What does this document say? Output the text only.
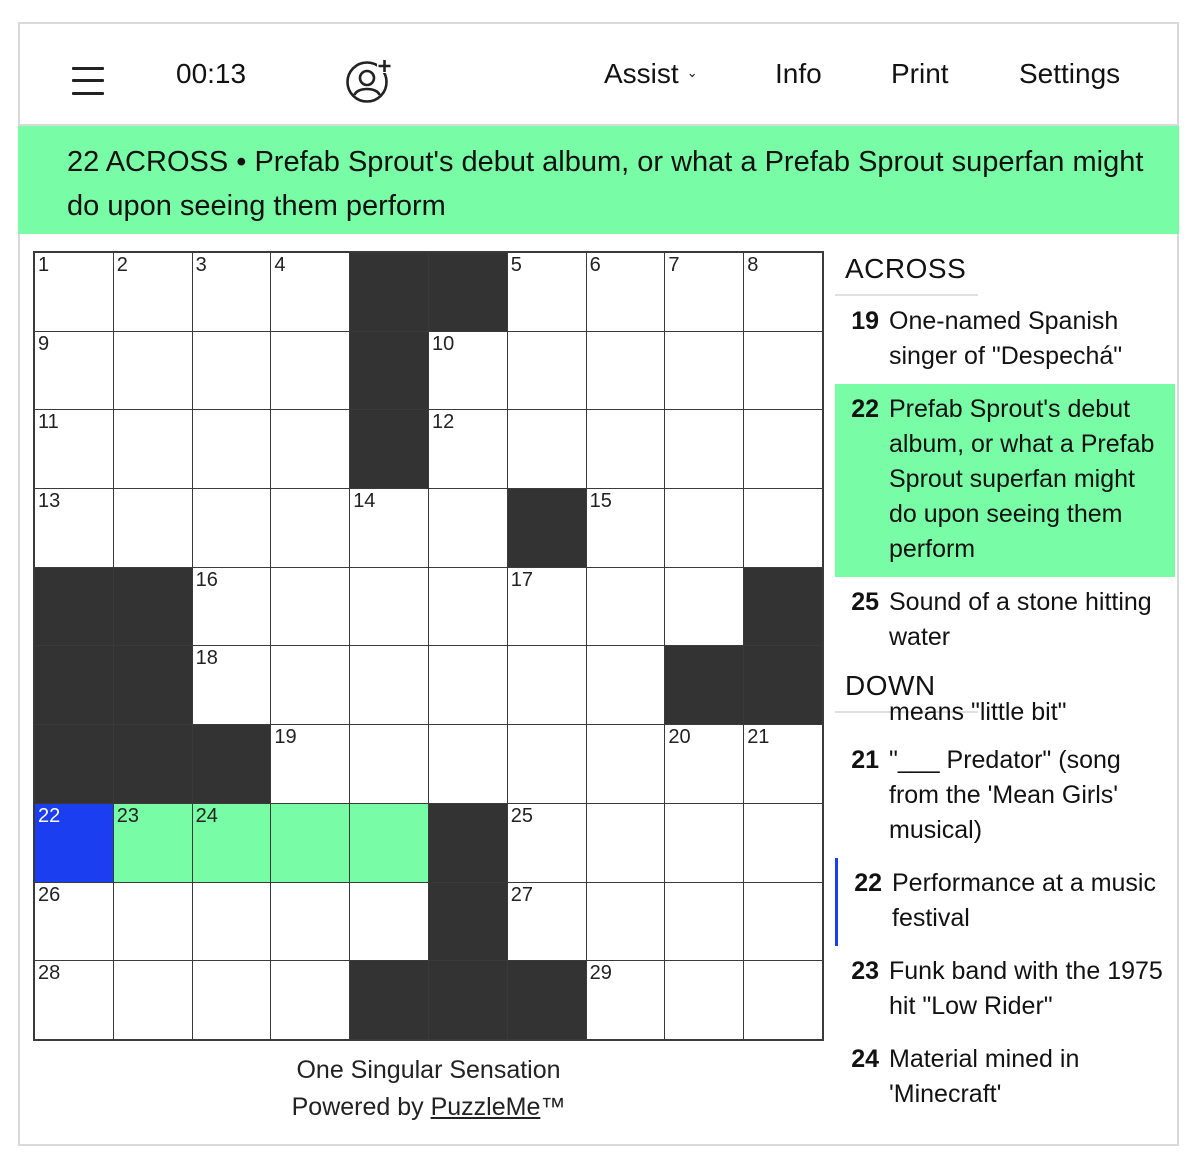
00:13	Assist ⌄	Info Print	Settings
22 ACROSS • Prefab Sprout's debut album, or what a Prefab Sprout superfan might do upon seeing them perform
1	2	3	4	5	6	7	8
9	10
11	12
13	14	15
16	17
18
19	20	21
22	23	24	25
26	27
28	29
One Singular Sensation
Powered by PuzzleMe™
ACROSS
19 One-named Spanish singer of "Despechá"
22 Prefab Sprout's debut album, or what a Prefab Sprout superfan might do upon seeing them perform
25 Sound of a stone hitting water
DOWN
means "little bit"
21 "___ Predator" (song from the 'Mean Girls' musical)
22 Performance at a music festival
23 Funk band with the 1975 hit "Low Rider"
24 Material mined in 'Minecraft'
